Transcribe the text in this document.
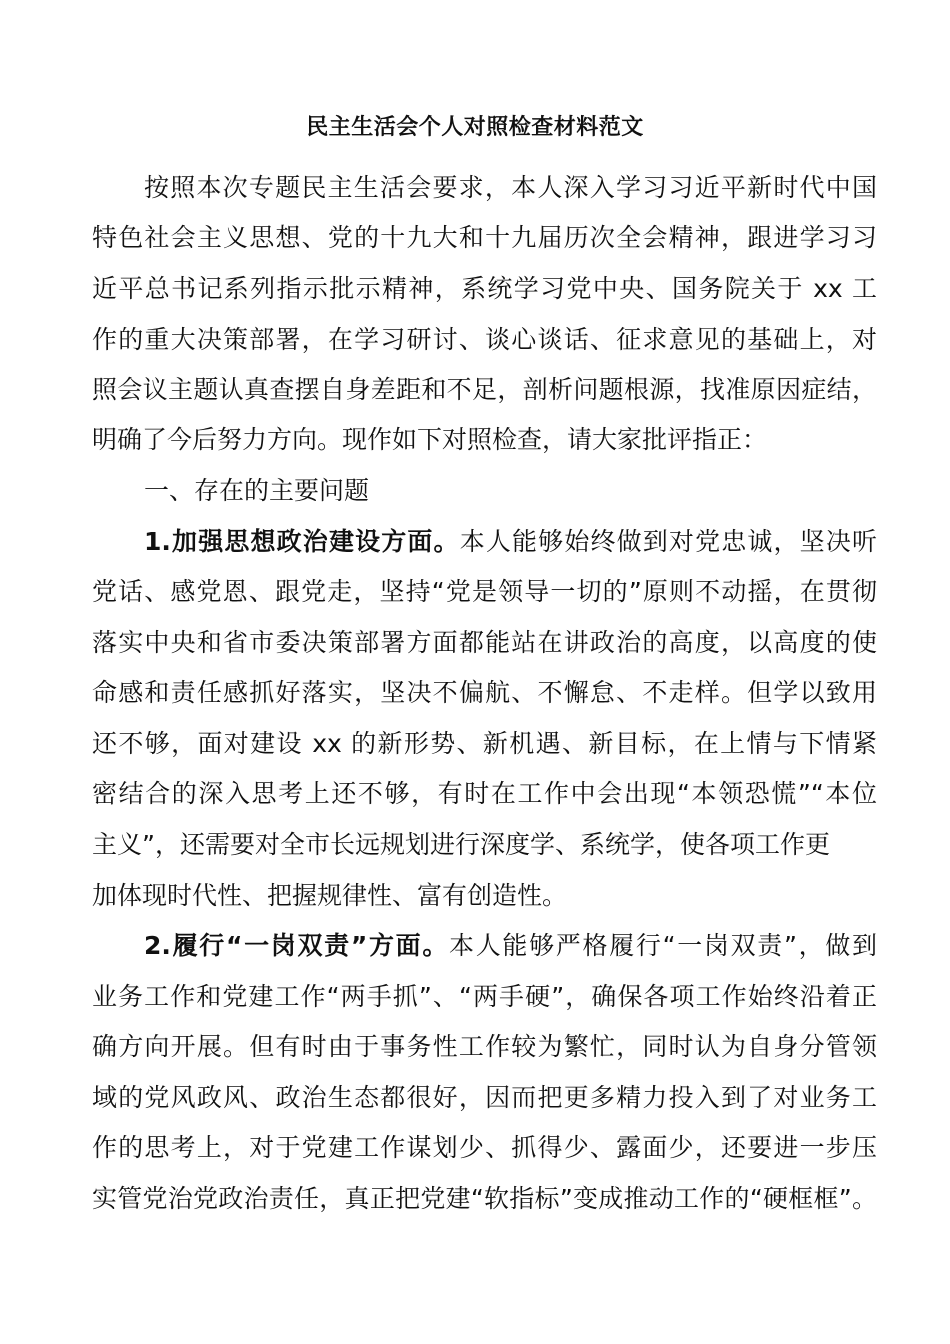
民主生活会个人对照检查材料范文
按照本次专题民主生活会要求，本人深入学习习近平新时代中国
特色社会主义思想、党的十九大和十九届历次全会精神，跟进学习习
近平总书记系列指示批示精神，系统学习党中央、国务院关于 xx 工
作的重大决策部署，在学习研讨、谈心谈话、征求意见的基础上，对
照会议主题认真查摆自身差距和不足，剖析问题根源，找准原因症结，
明确了今后努力方向。现作如下对照检查，请大家批评指正：
一、存在的主要问题
1.加强思想政治建设方面。本人能够始终做到对党忠诚，坚决听
党话、感党恩、跟党走，坚持“党是领导一切的”原则不动摇，在贯彻
落实中央和省市委决策部署方面都能站在讲政治的高度，以高度的使
命感和责任感抓好落实，坚决不偏航、不懈怠、不走样。但学以致用
还不够，面对建设 xx 的新形势、新机遇、新目标，在上情与下情紧
密结合的深入思考上还不够，有时在工作中会出现“本领恐慌”“本位
主义”，还需要对全市长远规划进行深度学、系统学，使各项工作更
加体现时代性、把握规律性、富有创造性。
2.履行“一岗双责”方面。本人能够严格履行“一岗双责”，做到
业务工作和党建工作“两手抓”、“两手硬”，确保各项工作始终沿着正
确方向开展。但有时由于事务性工作较为繁忙，同时认为自身分管领
域的党风政风、政治生态都很好，因而把更多精力投入到了对业务工
作的思考上，对于党建工作谋划少、抓得少、露面少，还要进一步压
实管党治党政治责任，真正把党建“软指标”变成推动工作的“硬框框”。
